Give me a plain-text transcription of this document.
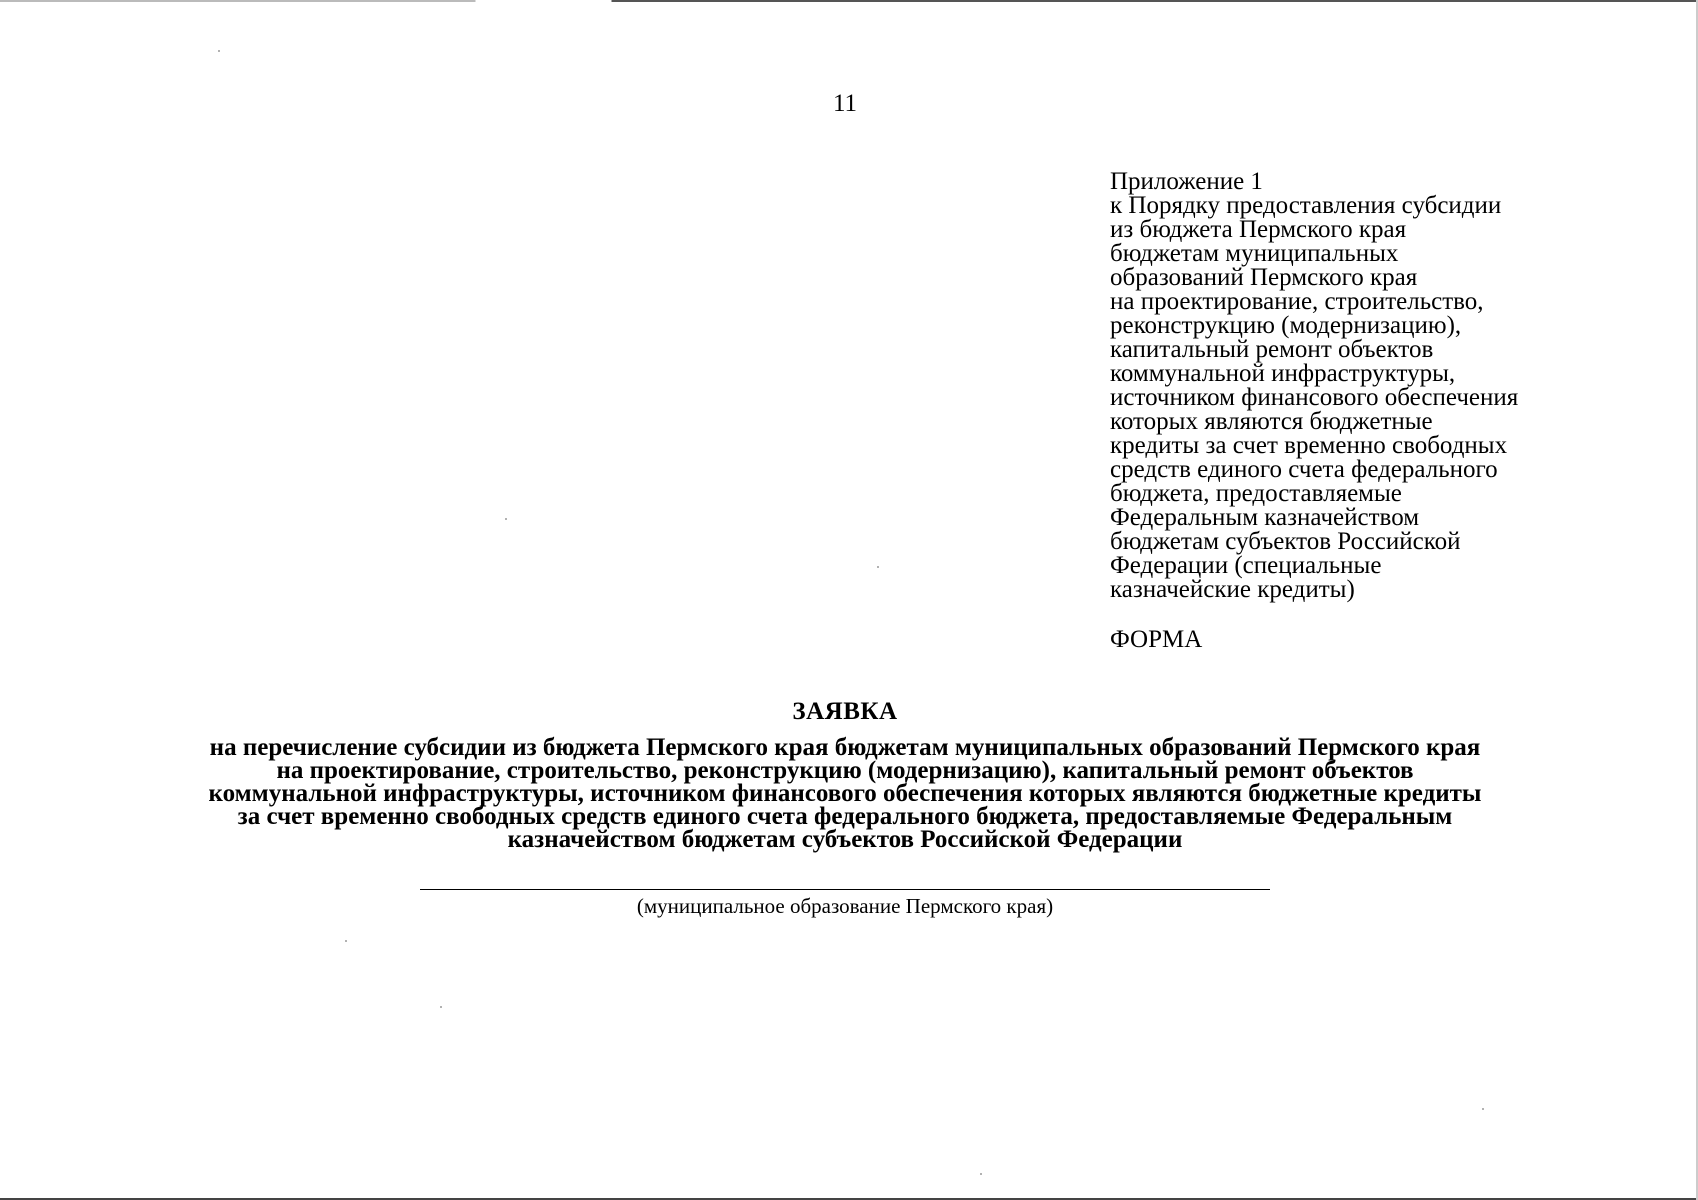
11
Приложение 1
к Порядку предоставления субсидии
из бюджета Пермского края
бюджетам муниципальных
образований Пермского края
на проектирование, строительство,
реконструкцию (модернизацию),
капитальный ремонт объектов
коммунальной инфраструктуры,
источником финансового обеспечения
которых являются бюджетные
кредиты за счет временно свободных
средств единого счета федерального
бюджета, предоставляемые
Федеральным казначейством
бюджетам субъектов Российской
Федерации (специальные
казначейские кредиты)
ФОРМА
ЗАЯВКА
на перечисление субсидии из бюджета Пермского края бюджетам муниципальных образований Пермского края
на проектирование, строительство, реконструкцию (модернизацию), капитальный ремонт объектов
коммунальной инфраструктуры, источником финансового обеспечения которых являются бюджетные кредиты
за счет временно свободных средств единого счета федерального бюджета, предоставляемые Федеральным
казначейством бюджетам субъектов Российской Федерации
(муниципальное образование Пермского края)
